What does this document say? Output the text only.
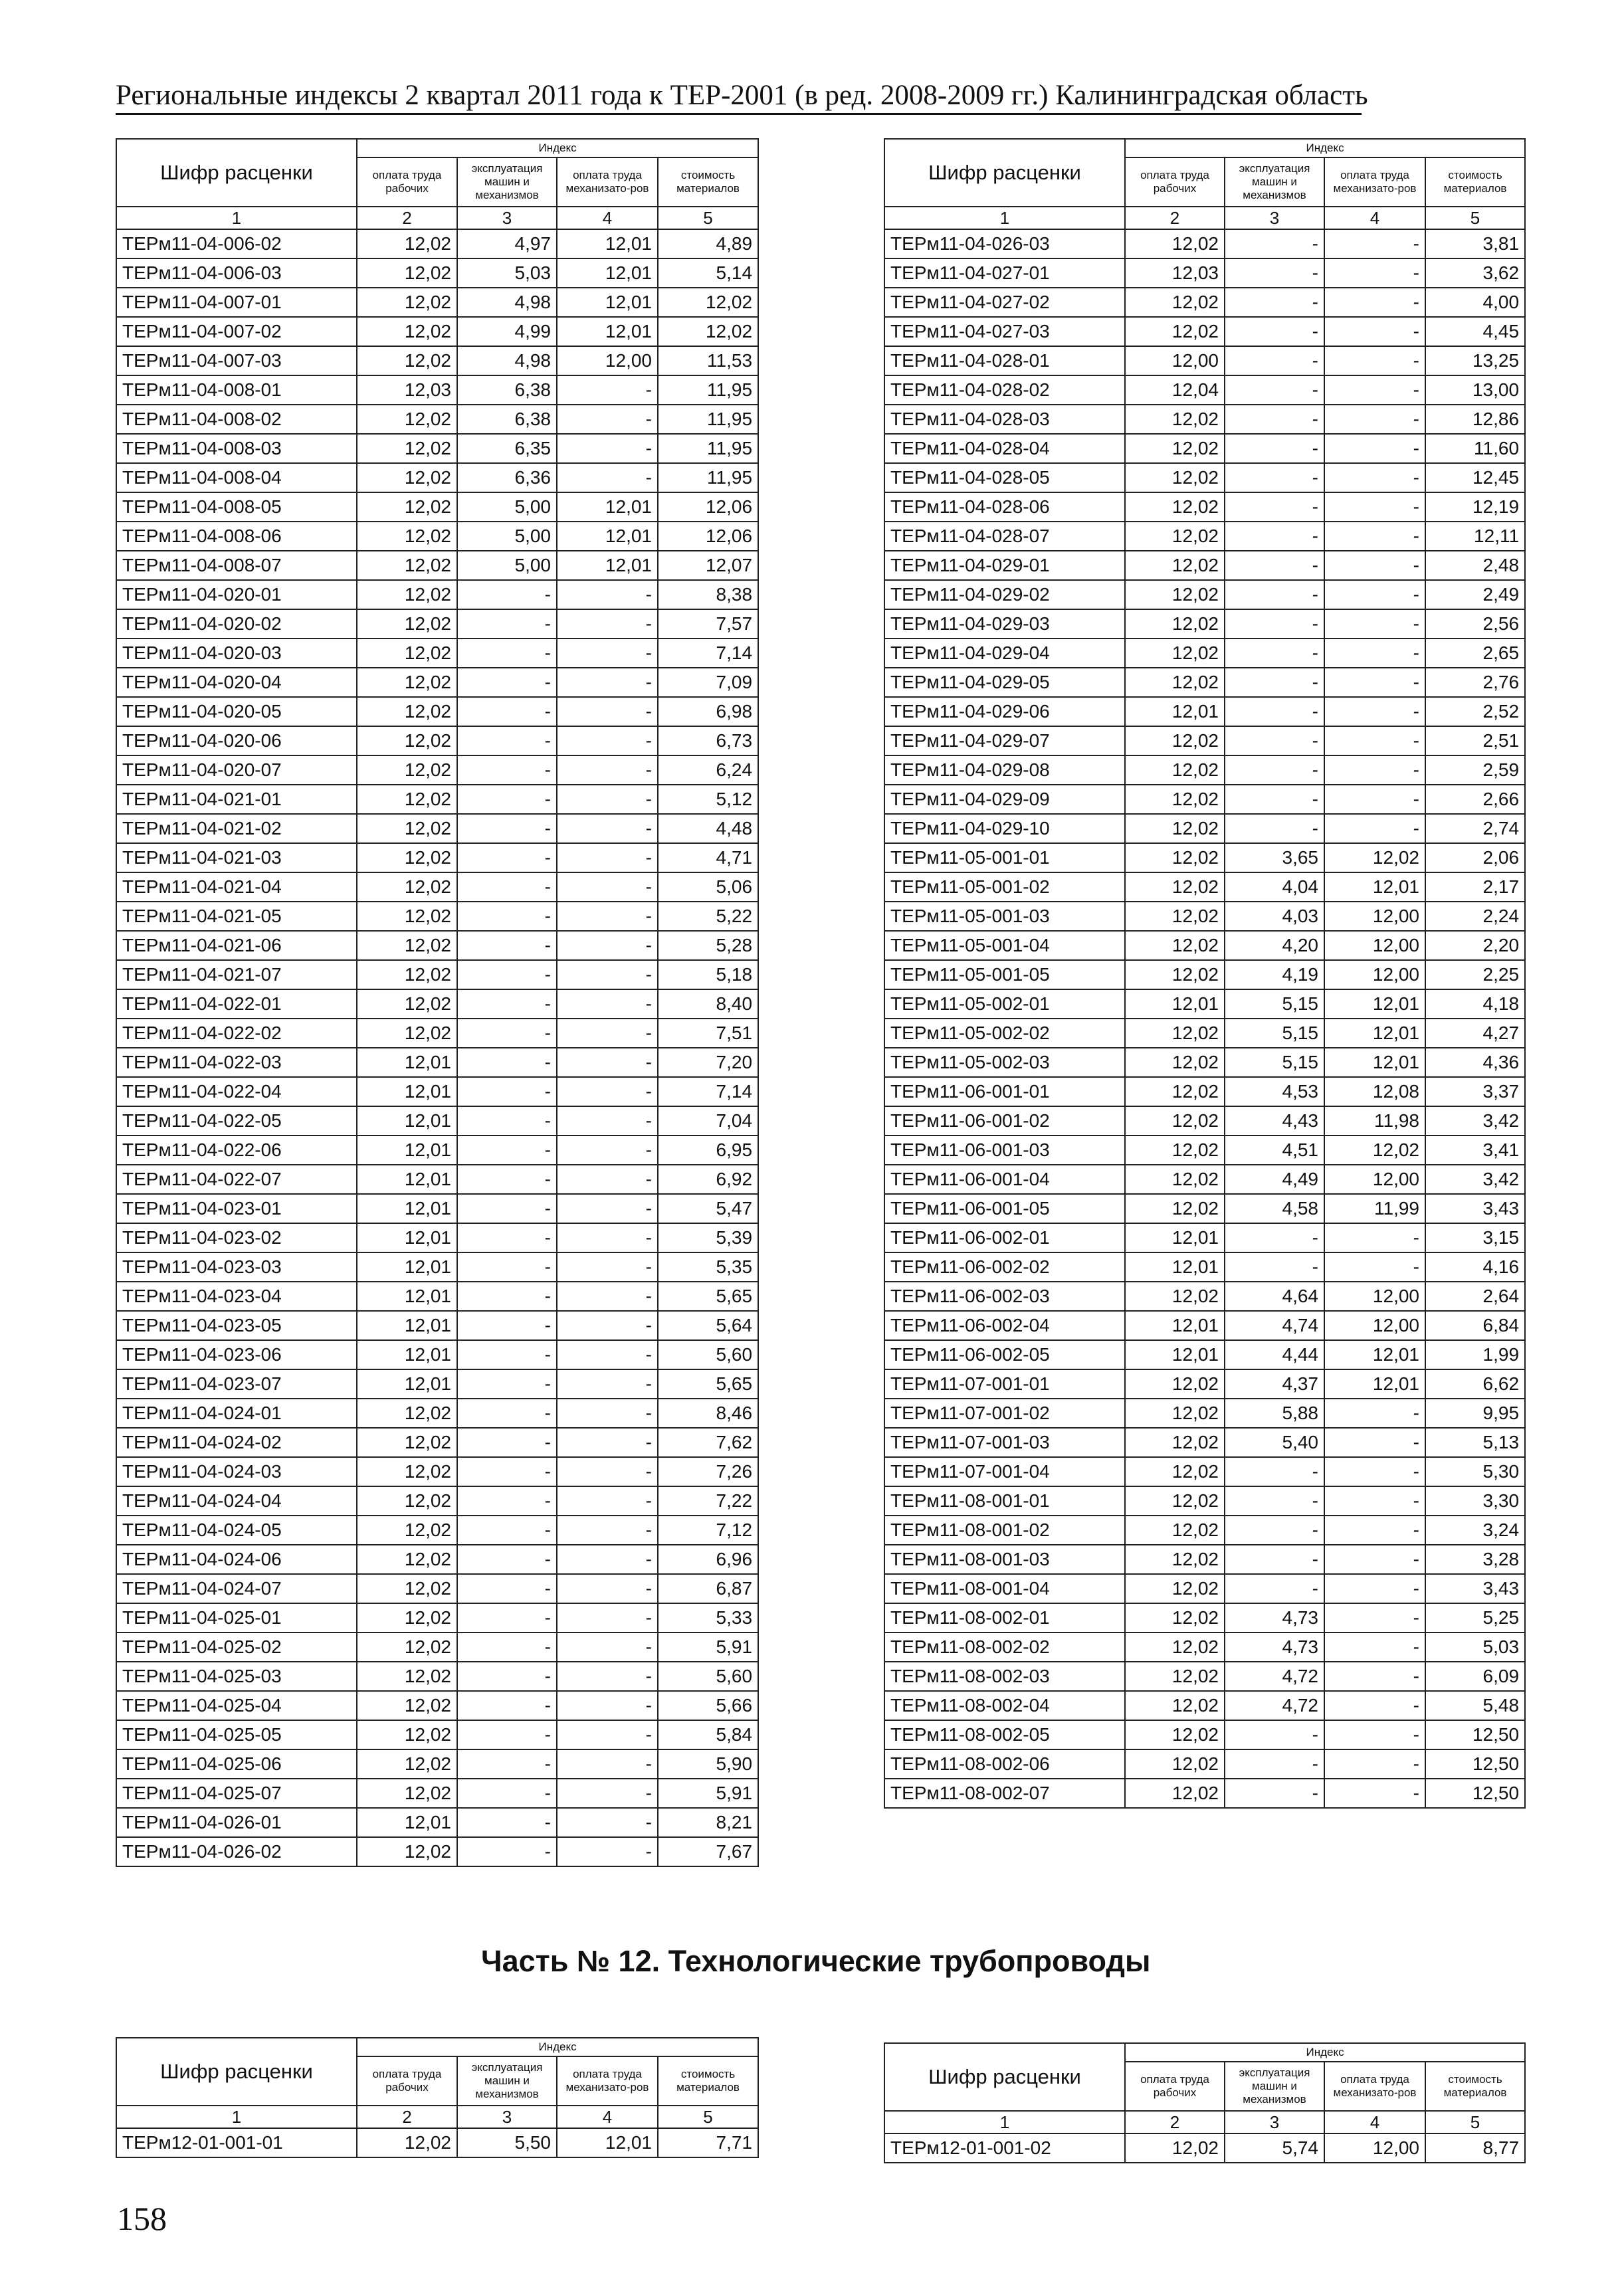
Региональные индексы 2 квартал 2011 года к ТЕР-2001 (в ред. 2008-2009 гг.) Калининградская область
Шифр расценки	Индекс			
	оплата труда рабочих	эксплуатация машин и механизмов	оплата труда механизато-ров	стоимость материалов
1	2	3	4	5
ТЕРм11-04-006-02	12,02	4,97	12,01	4,89
ТЕРм11-04-006-03	12,02	5,03	12,01	5,14
ТЕРм11-04-007-01	12,02	4,98	12,01	12,02
ТЕРм11-04-007-02	12,02	4,99	12,01	12,02
ТЕРм11-04-007-03	12,02	4,98	12,00	11,53
ТЕРм11-04-008-01	12,03	6,38	-	11,95
ТЕРм11-04-008-02	12,02	6,38	-	11,95
ТЕРм11-04-008-03	12,02	6,35	-	11,95
ТЕРм11-04-008-04	12,02	6,36	-	11,95
ТЕРм11-04-008-05	12,02	5,00	12,01	12,06
ТЕРм11-04-008-06	12,02	5,00	12,01	12,06
ТЕРм11-04-008-07	12,02	5,00	12,01	12,07
ТЕРм11-04-020-01	12,02	-	-	8,38
ТЕРм11-04-020-02	12,02	-	-	7,57
ТЕРм11-04-020-03	12,02	-	-	7,14
ТЕРм11-04-020-04	12,02	-	-	7,09
ТЕРм11-04-020-05	12,02	-	-	6,98
ТЕРм11-04-020-06	12,02	-	-	6,73
ТЕРм11-04-020-07	12,02	-	-	6,24
ТЕРм11-04-021-01	12,02	-	-	5,12
ТЕРм11-04-021-02	12,02	-	-	4,48
ТЕРм11-04-021-03	12,02	-	-	4,71
ТЕРм11-04-021-04	12,02	-	-	5,06
ТЕРм11-04-021-05	12,02	-	-	5,22
ТЕРм11-04-021-06	12,02	-	-	5,28
ТЕРм11-04-021-07	12,02	-	-	5,18
ТЕРм11-04-022-01	12,02	-	-	8,40
ТЕРм11-04-022-02	12,02	-	-	7,51
ТЕРм11-04-022-03	12,01	-	-	7,20
ТЕРм11-04-022-04	12,01	-	-	7,14
ТЕРм11-04-022-05	12,01	-	-	7,04
ТЕРм11-04-022-06	12,01	-	-	6,95
ТЕРм11-04-022-07	12,01	-	-	6,92
ТЕРм11-04-023-01	12,01	-	-	5,47
ТЕРм11-04-023-02	12,01	-	-	5,39
ТЕРм11-04-023-03	12,01	-	-	5,35
ТЕРм11-04-023-04	12,01	-	-	5,65
ТЕРм11-04-023-05	12,01	-	-	5,64
ТЕРм11-04-023-06	12,01	-	-	5,60
ТЕРм11-04-023-07	12,01	-	-	5,65
ТЕРм11-04-024-01	12,02	-	-	8,46
ТЕРм11-04-024-02	12,02	-	-	7,62
ТЕРм11-04-024-03	12,02	-	-	7,26
ТЕРм11-04-024-04	12,02	-	-	7,22
ТЕРм11-04-024-05	12,02	-	-	7,12
ТЕРм11-04-024-06	12,02	-	-	6,96
ТЕРм11-04-024-07	12,02	-	-	6,87
ТЕРм11-04-025-01	12,02	-	-	5,33
ТЕРм11-04-025-02	12,02	-	-	5,91
ТЕРм11-04-025-03	12,02	-	-	5,60
ТЕРм11-04-025-04	12,02	-	-	5,66
ТЕРм11-04-025-05	12,02	-	-	5,84
ТЕРм11-04-025-06	12,02	-	-	5,90
ТЕРм11-04-025-07	12,02	-	-	5,91
ТЕРм11-04-026-01	12,01	-	-	8,21
ТЕРм11-04-026-02	12,02	-	-	7,67
Шифр расценки	Индекс			
	оплата труда рабочих	эксплуатация машин и механизмов	оплата труда механизато-ров	стоимость материалов
1	2	3	4	5
ТЕРм11-04-026-03	12,02	-	-	3,81
ТЕРм11-04-027-01	12,03	-	-	3,62
ТЕРм11-04-027-02	12,02	-	-	4,00
ТЕРм11-04-027-03	12,02	-	-	4,45
ТЕРм11-04-028-01	12,00	-	-	13,25
ТЕРм11-04-028-02	12,04	-	-	13,00
ТЕРм11-04-028-03	12,02	-	-	12,86
ТЕРм11-04-028-04	12,02	-	-	11,60
ТЕРм11-04-028-05	12,02	-	-	12,45
ТЕРм11-04-028-06	12,02	-	-	12,19
ТЕРм11-04-028-07	12,02	-	-	12,11
ТЕРм11-04-029-01	12,02	-	-	2,48
ТЕРм11-04-029-02	12,02	-	-	2,49
ТЕРм11-04-029-03	12,02	-	-	2,56
ТЕРм11-04-029-04	12,02	-	-	2,65
ТЕРм11-04-029-05	12,02	-	-	2,76
ТЕРм11-04-029-06	12,01	-	-	2,52
ТЕРм11-04-029-07	12,02	-	-	2,51
ТЕРм11-04-029-08	12,02	-	-	2,59
ТЕРм11-04-029-09	12,02	-	-	2,66
ТЕРм11-04-029-10	12,02	-	-	2,74
ТЕРм11-05-001-01	12,02	3,65	12,02	2,06
ТЕРм11-05-001-02	12,02	4,04	12,01	2,17
ТЕРм11-05-001-03	12,02	4,03	12,00	2,24
ТЕРм11-05-001-04	12,02	4,20	12,00	2,20
ТЕРм11-05-001-05	12,02	4,19	12,00	2,25
ТЕРм11-05-002-01	12,01	5,15	12,01	4,18
ТЕРм11-05-002-02	12,02	5,15	12,01	4,27
ТЕРм11-05-002-03	12,02	5,15	12,01	4,36
ТЕРм11-06-001-01	12,02	4,53	12,08	3,37
ТЕРм11-06-001-02	12,02	4,43	11,98	3,42
ТЕРм11-06-001-03	12,02	4,51	12,02	3,41
ТЕРм11-06-001-04	12,02	4,49	12,00	3,42
ТЕРм11-06-001-05	12,02	4,58	11,99	3,43
ТЕРм11-06-002-01	12,01	-	-	3,15
ТЕРм11-06-002-02	12,01	-	-	4,16
ТЕРм11-06-002-03	12,02	4,64	12,00	2,64
ТЕРм11-06-002-04	12,01	4,74	12,00	6,84
ТЕРм11-06-002-05	12,01	4,44	12,01	1,99
ТЕРм11-07-001-01	12,02	4,37	12,01	6,62
ТЕРм11-07-001-02	12,02	5,88	-	9,95
ТЕРм11-07-001-03	12,02	5,40	-	5,13
ТЕРм11-07-001-04	12,02	-	-	5,30
ТЕРм11-08-001-01	12,02	-	-	3,30
ТЕРм11-08-001-02	12,02	-	-	3,24
ТЕРм11-08-001-03	12,02	-	-	3,28
ТЕРм11-08-001-04	12,02	-	-	3,43
ТЕРм11-08-002-01	12,02	4,73	-	5,25
ТЕРм11-08-002-02	12,02	4,73	-	5,03
ТЕРм11-08-002-03	12,02	4,72	-	6,09
ТЕРм11-08-002-04	12,02	4,72	-	5,48
ТЕРм11-08-002-05	12,02	-	-	12,50
ТЕРм11-08-002-06	12,02	-	-	12,50
ТЕРм11-08-002-07	12,02	-	-	12,50
Часть № 12. Технологические трубопроводы
Шифр расценки	Индекс			
	оплата труда рабочих	эксплуатация машин и механизмов	оплата труда механизато-ров	стоимость материалов
1	2	3	4	5
ТЕРм12-01-001-01	12,02	5,50	12,01	7,71
Шифр расценки	Индекс			
	оплата труда рабочих	эксплуатация машин и механизмов	оплата труда механизато-ров	стоимость материалов
1	2	3	4	5
ТЕРм12-01-001-02	12,02	5,74	12,00	8,77
158
